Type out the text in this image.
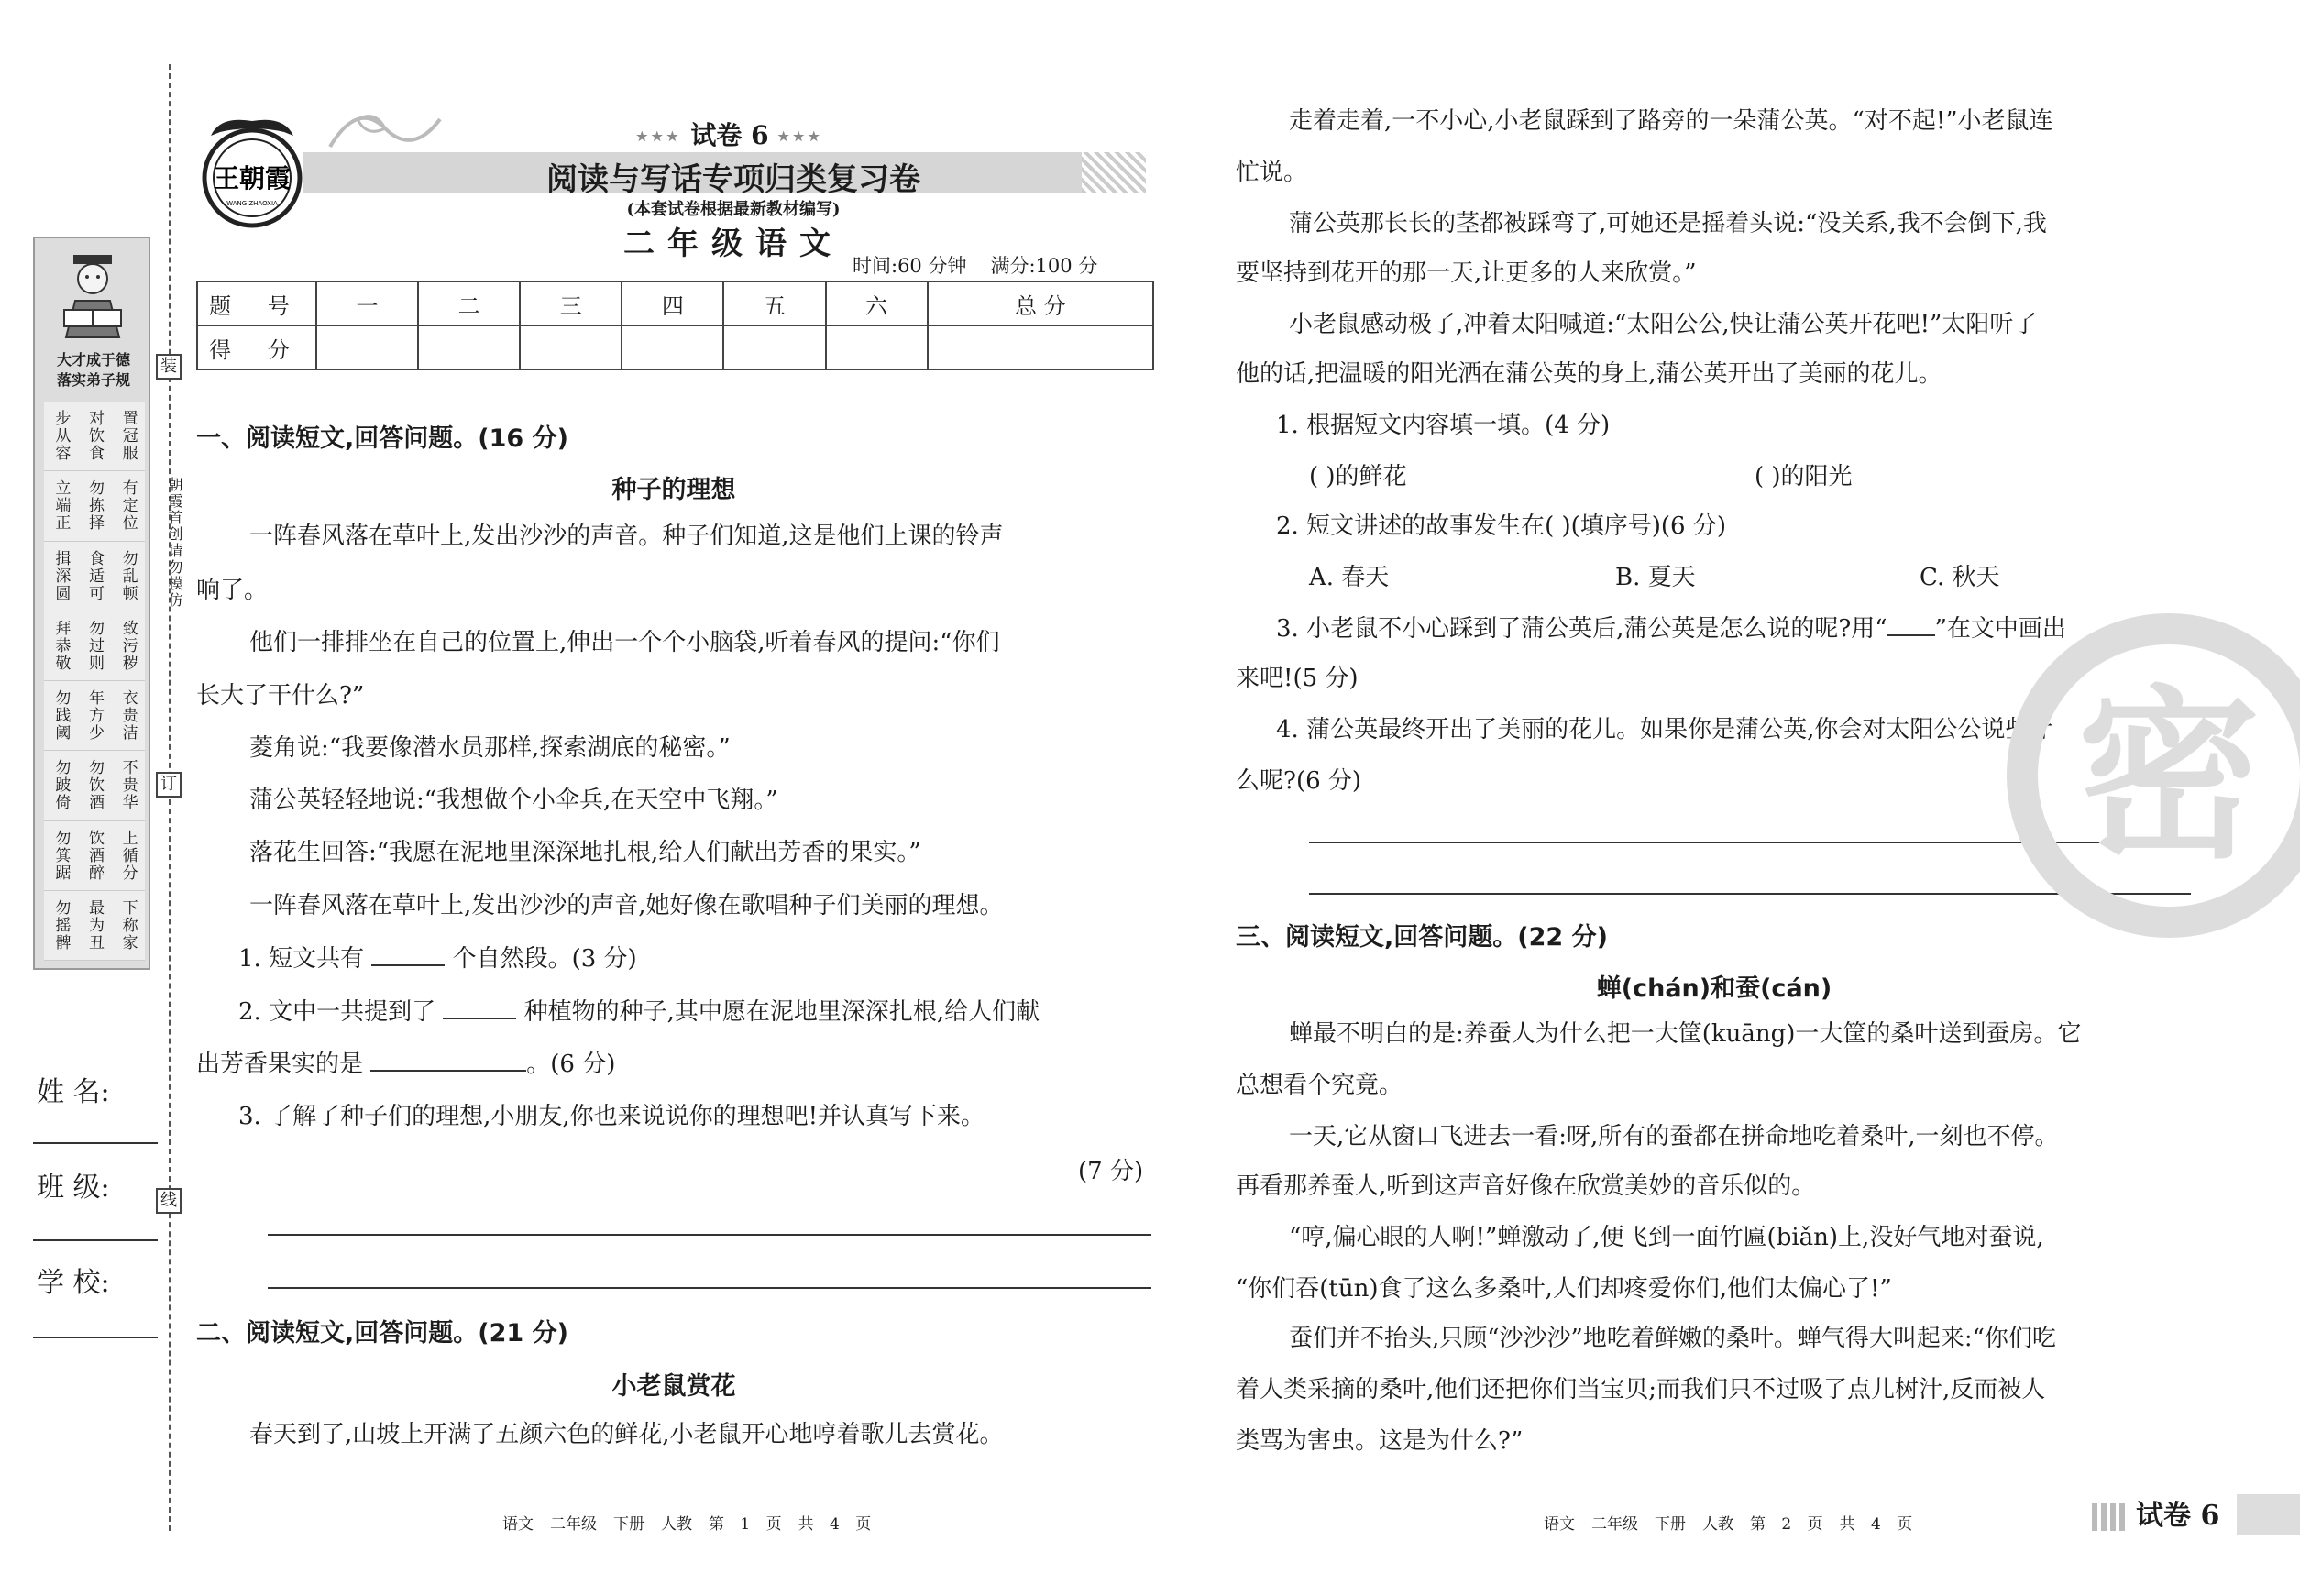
装
订
线
朝霞首创请勿模仿
大才成于德
落实弟子规
步从容 对饮食 置冠服
立端正 勿拣择 有定位
揖深圆 食适可 勿乱顿
拜恭敬 勿过则 致污秽
勿践阈 年方少 衣贵洁
勿跛倚 勿饮酒 不贵华
勿箕踞 饮酒醉 上循分
勿摇髀 最为丑 下称家
姓 名:
班 级:
学 校:
王朝霞
WANG ZHAOXIA
★★★ 试卷 6 ★★★
阅读与写话专项归类复习卷
(本套试卷根据最新教材编写)
二年级语文
时间:60 分钟 满分:100 分
题 号	一	二	三	四	五	六	总 分
得 分							
一、阅读短文,回答问题。(16 分)
种子的理想
一阵春风落在草叶上,发出沙沙的声音。种子们知道,这是他们上课的铃声
响了。
他们一排排坐在自己的位置上,伸出一个个小脑袋,听着春风的提问:“你们
长大了干什么?”
菱角说:“我要像潜水员那样,探索湖底的秘密。”
蒲公英轻轻地说:“我想做个小伞兵,在天空中飞翔。”
落花生回答:“我愿在泥地里深深地扎根,给人们献出芳香的果实。”
一阵春风落在草叶上,发出沙沙的声音,她好像在歌唱种子们美丽的理想。
1. 短文共有	个自然段。(3 分)
2. 文中一共提到了	种植物的种子,其中愿在泥地里深深扎根,给人们献
出芳香果实的是	。(6 分)
3. 了解了种子们的理想,小朋友,你也来说说你的理想吧!并认真写下来。
(7 分)
二、阅读短文,回答问题。(21 分)
小老鼠赏花
春天到了,山坡上开满了五颜六色的鲜花,小老鼠开心地哼着歌儿去赏花。
走着走着,一不小心,小老鼠踩到了路旁的一朵蒲公英。“对不起!”小老鼠连
忙说。
蒲公英那长长的茎都被踩弯了,可她还是摇着头说:“没关系,我不会倒下,我
要坚持到花开的那一天,让更多的人来欣赏。”
小老鼠感动极了,冲着太阳喊道:“太阳公公,快让蒲公英开花吧!”太阳听了
他的话,把温暖的阳光洒在蒲公英的身上,蒲公英开出了美丽的花儿。
1. 根据短文内容填一填。(4 分)
( )的鲜花	( )的阳光
2. 短文讲述的故事发生在( )(填序号)(6 分)
A. 春天	B. 夏天	C. 秋天
3. 小老鼠不小心踩到了蒲公英后,蒲公英是怎么说的呢?用“ ”在文中画出
来吧!(5 分)
4. 蒲公英最终开出了美丽的花儿。如果你是蒲公英,你会对太阳公公说些什
么呢?(6 分)
三、阅读短文,回答问题。(22 分)
蝉(chán)和蚕(cán)
蝉最不明白的是:养蚕人为什么把一大筐(kuāng)一大筐的桑叶送到蚕房。它
总想看个究竟。
一天,它从窗口飞进去一看:呀,所有的蚕都在拼命地吃着桑叶,一刻也不停。
再看那养蚕人,听到这声音好像在欣赏美妙的音乐似的。
“哼,偏心眼的人啊!”蝉激动了,便飞到一面竹匾(biǎn)上,没好气地对蚕说,
“你们吞(tūn)食了这么多桑叶,人们却疼爱你们,他们太偏心了!”
蚕们并不抬头,只顾“沙沙沙”地吃着鲜嫩的桑叶。蝉气得大叫起来:“你们吃
着人类采摘的桑叶,他们还把你们当宝贝;而我们只不过吸了点儿树汁,反而被人
类骂为害虫。这是为什么?”
密
语文 二年级 下册 人教 第 1 页 共 4 页	语文 二年级 下册 人教 第 2 页 共 4 页	试卷 6
